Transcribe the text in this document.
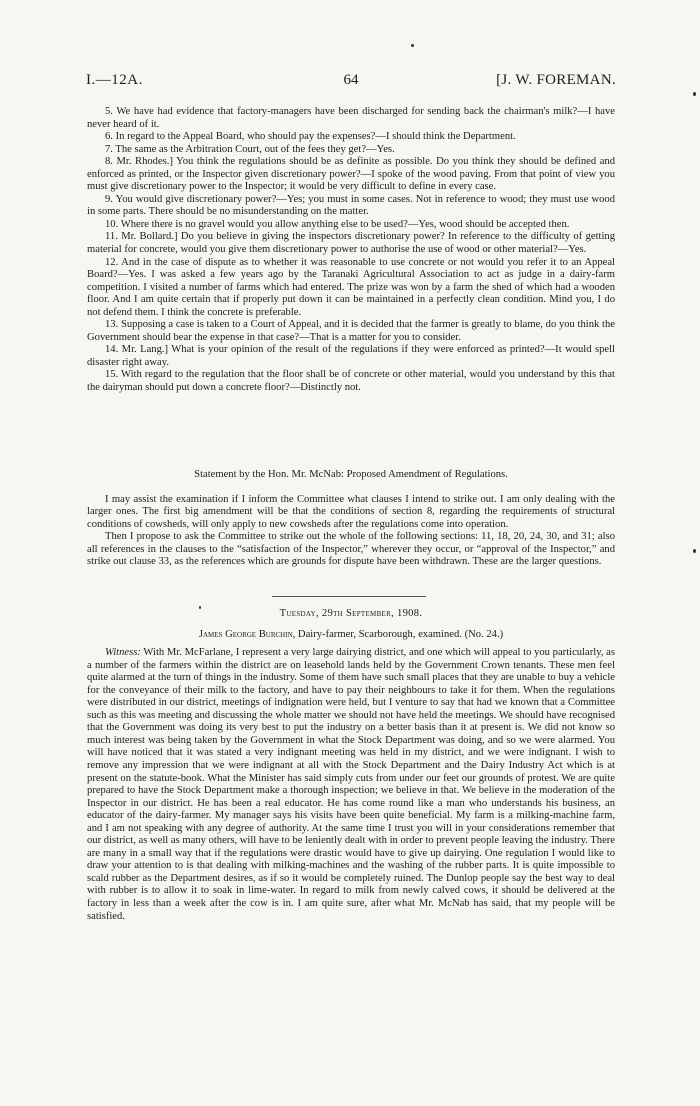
I.—12A.	64	[J. W. FOREMAN.

5. We have had evidence that factory-managers have been discharged for sending back the chairman's milk?—I have never heard of it.

6. In regard to the Appeal Board, who should pay the expenses?—I should think the Department.

7. The same as the Arbitration Court, out of the fees they get?—Yes.

8. Mr. Rhodes.] You think the regulations should be as definite as possible. Do you think they should be defined and enforced as printed, or the Inspector given discretionary power?—I spoke of the wood paving. From that point of view you must give discretionary power to the Inspector; it would be very difficult to define in every case.

9. You would give discretionary power?—Yes; you must in some cases. Not in reference to wood; they must use wood in some parts. There should be no misunderstanding on the matter.

10. Where there is no gravel would you allow anything else to be used?—Yes, wood should be accepted then.

11. Mr. Bollard.] Do you believe in giving the inspectors discretionary power? In reference to the difficulty of getting material for concrete, would you give them discretionary power to authorise the use of wood or other material?—Yes.

12. And in the case of dispute as to whether it was reasonable to use concrete or not would you refer it to an Appeal Board?—Yes. I was asked a few years ago by the Taranaki Agricultural Association to act as judge in a dairy-farm competition. I visited a number of farms which had entered. The prize was won by a farm the shed of which had a wooden floor. And I am quite certain that if properly put down it can be maintained in a perfectly clean condition. Mind you, I do not defend them. I think the concrete is preferable.

13. Supposing a case is taken to a Court of Appeal, and it is decided that the farmer is greatly to blame, do you think the Government should bear the expense in that case?—That is a matter for you to consider.

14. Mr. Lang.] What is your opinion of the result of the regulations if they were enforced as printed?—It would spell disaster right away.

15. With regard to the regulation that the floor shall be of concrete or other material, would you understand by this that the dairyman should put down a concrete floor?—Distinctly not.

Statement by the Hon. Mr. McNab: Proposed Amendment of Regulations.

I may assist the examination if I inform the Committee what clauses I intend to strike out. I am only dealing with the larger ones. The first big amendment will be that the conditions of section 8, regarding the requirements of structural conditions of cowsheds, will only apply to new cowsheds after the regulations come into operation.

Then I propose to ask the Committee to strike out the whole of the following sections: 11, 18, 20, 24, 30, and 31; also all references in the clauses to the “satisfaction of the Inspector,” wherever they occur, or “approval of the Inspector,” and strike out clause 33, as the references which are grounds for dispute have been withdrawn. These are the larger questions.

Tuesday, 29th September, 1908.

James George Burchin, Dairy-farmer, Scarborough, examined. (No. 24.)

Witness: With Mr. McFarlane, I represent a very large dairying district, and one which will appeal to you particularly, as a number of the farmers within the district are on leasehold lands held by the Government Crown tenants. These men feel quite alarmed at the turn of things in the industry. Some of them have such small places that they are unable to buy a vehicle for the conveyance of their milk to the factory, and have to pay their neighbours to take it for them. When the regulations were distributed in our district, meetings of indignation were held, but I venture to say that had we known that a Committee such as this was meeting and discussing the whole matter we should not have held the meetings. We should have recognised that the Government was doing its very best to put the industry on a better basis than it at present is. We did not know so much interest was being taken by the Government in what the Stock Department was doing, and so we were alarmed. You will have noticed that it was stated a very indignant meeting was held in my district, and we were indignant. I wish to remove any impression that we were indignant at all with the Stock Department and the Dairy Industry Act which is at present on the statute-book. What the Minister has said simply cuts from under our feet our grounds of protest. We are quite prepared to have the Stock Department make a thorough inspection; we believe in that. We believe in the moderation of the Inspector in our district. He has been a real educator. He has come round like a man who understands his business, an educator of the dairy-farmer. My manager says his visits have been quite beneficial. My farm is a milking-machine farm, and I am not speaking with any degree of authority. At the same time I trust you will in your considerations remember that our district, as well as many others, will have to be leniently dealt with in order to prevent people leaving the industry. There are many in a small way that if the regulations were drastic would have to give up dairying. One regulation I would like to draw your attention to is that dealing with milking-machines and the washing of the rubber parts. It is quite impossible to scald rubber as the Department desires, as if so it would be completely ruined. The Dunlop people say the best way to deal with rubber is to allow it to soak in lime-water. In regard to milk from newly calved cows, it should be delivered at the factory in less than a week after the cow is in. I am quite sure, after what Mr. McNab has said, that my people will be satisfied.
